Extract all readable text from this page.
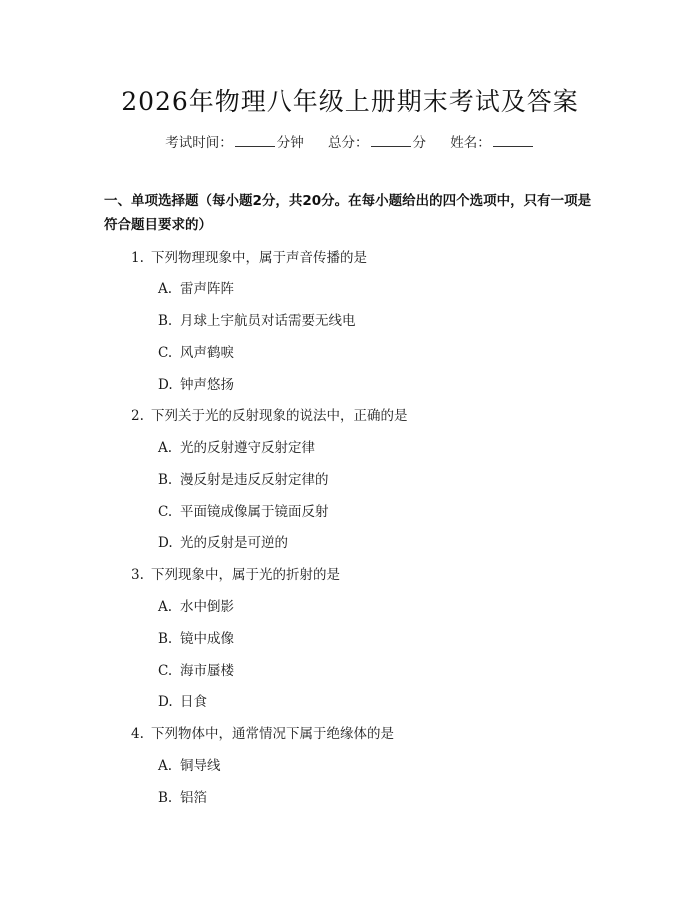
2026年物理八年级上册期末考试及答案
考试时间：	分钟 总分：	分 姓名：
一、单项选择题（每小题2分，共20分。在每小题给出的四个选项中，只有一项是符合题目要求的）
1. 下列物理现象中，属于声音传播的是
A. 雷声阵阵
B. 月球上宇航员对话需要无线电
C. 风声鹤唳
D. 钟声悠扬
2. 下列关于光的反射现象的说法中，正确的是
A. 光的反射遵守反射定律
B. 漫反射是违反反射定律的
C. 平面镜成像属于镜面反射
D. 光的反射是可逆的
3. 下列现象中，属于光的折射的是
A. 水中倒影
B. 镜中成像
C. 海市蜃楼
D. 日食
4. 下列物体中，通常情况下属于绝缘体的是
A. 铜导线
B. 铝箔
